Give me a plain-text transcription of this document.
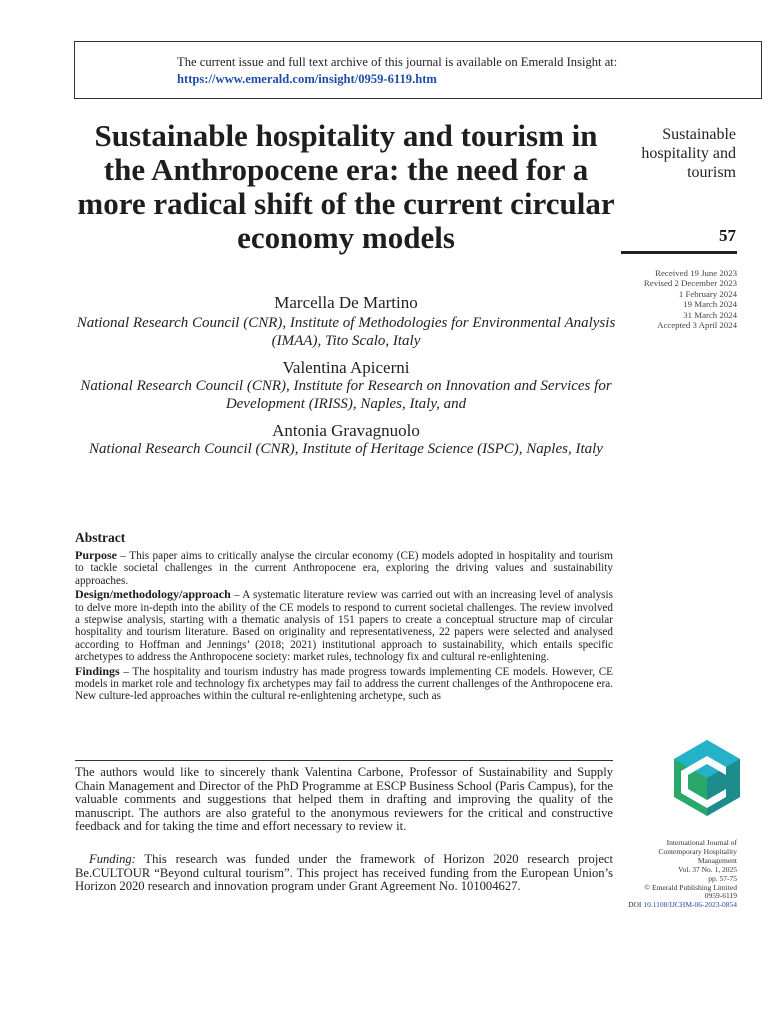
The current issue and full text archive of this journal is available on Emerald Insight at:
https://www.emerald.com/insight/0959-6119.htm
Sustainable hospitality and tourism in the Anthropocene era: the need for a more radical shift of the current circular economy models
Marcella De Martino
National Research Council (CNR), Institute of Methodologies for Environmental Analysis (IMAA), Tito Scalo, Italy
Valentina Apicerni
National Research Council (CNR), Institute for Research on Innovation and Services for Development (IRISS), Naples, Italy, and
Antonia Gravagnuolo
National Research Council (CNR), Institute of Heritage Science (ISPC), Naples, Italy
Sustainable hospitality and tourism
57
Received 19 June 2023
Revised 2 December 2023
1 February 2024
19 March 2024
31 March 2024
Accepted 3 April 2024
Abstract

Purpose – This paper aims to critically analyse the circular economy (CE) models adopted in hospitality and tourism to tackle societal challenges in the current Anthropocene era, exploring the driving values and sustainability approaches.

Design/methodology/approach – A systematic literature review was carried out with an increasing level of analysis to delve more in-depth into the ability of the CE models to respond to current societal challenges. The review involved a stepwise analysis, starting with a thematic analysis of 151 papers to create a conceptual structure map of circular hospitality and tourism literature. Based on originality and representativeness, 22 papers were selected and analysed according to Hoffman and Jennings’ (2018; 2021) institutional approach to sustainability, which entails specific archetypes to address the Anthropocene society: market rules, technology fix and cultural re-enlightening.

Findings – The hospitality and tourism industry has made progress towards implementing CE models. However, CE models in market role and technology fix archetypes may fail to address the current challenges of the Anthropocene era. New culture-led approaches within the cultural re-enlightening archetype, such as

The authors would like to sincerely thank Valentina Carbone, Professor of Sustainability and Supply Chain Management and Director of the PhD Programme at ESCP Business School (Paris Campus), for the valuable comments and suggestions that helped them in drafting and improving the quality of the manuscript. The authors are also grateful to the anonymous reviewers for the critical and constructive feedback and for taking the time and effort necessary to review it.

Funding: This research was funded under the framework of Horizon 2020 research project Be.CULTOUR “Beyond cultural tourism”. This project has received funding from the European Union’s Horizon 2020 research and innovation program under Grant Agreement No. 101004627.

International Journal of
Contemporary Hospitality
Management
Vol. 37 No. 1, 2025
pp. 57-75
© Emerald Publishing Limited
0959-6119
DOI 10.1108/IJCHM-06-2023-0854
